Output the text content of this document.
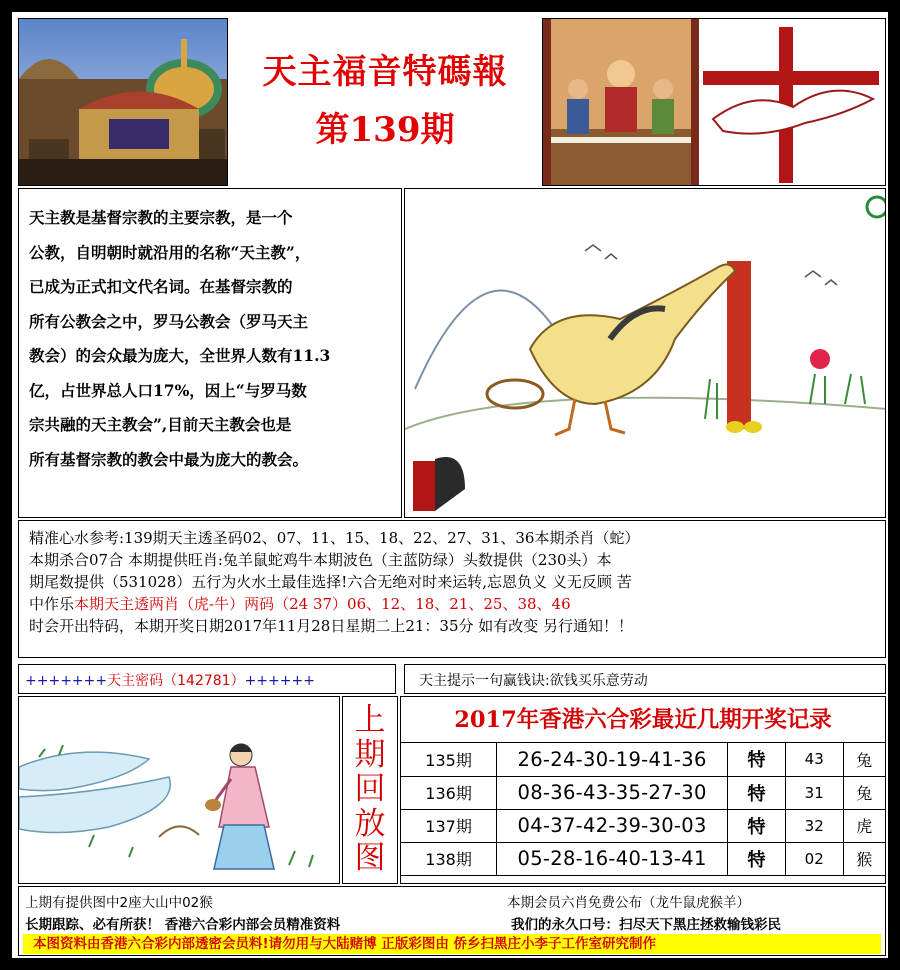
天主福音特碼報
第139期
天主教是基督宗教的主要宗教，是一个
公教，自明朝时就沿用的名称“天主教”，
已成为正式扣文代名词。在基督宗教的
所有公教会之中，罗马公教会（罗马天主
教会）的会众最为庞大，全世界人数有11.3
亿，占世界总人口17%，因上“与罗马数
宗共融的天主教会”,目前天主教会也是
所有基督宗教的教会中最为庞大的教会。
精准心水参考:139期天主透圣码02、07、11、15、18、22、27、31、36本期杀肖（蛇）
本期杀合07合 本期提供旺肖:兔羊鼠蛇鸡牛本期波色（主蓝防绿）头数提供（230头）本
期尾数提供（531028）五行为火水土最佳选择!六合无绝对时来运转,忘恩负义 义无反顾 苦
中作乐本期天主透两肖（虎-牛）两码（24 37）06、12、18、21、25、38、46
时会开出特码，本期开奖日期2017年11月28日星期二上21：35分 如有改变 另行通知！！
+++++++天主密码（142781）++++++	天主提示一句赢钱诀:欲钱买乐意劳动
上
期
回
放
图
2017年香港六合彩最近几期开奖记录
135期	26-24-30-19-41-36	特	43	兔
136期	08-36-43-35-27-30	特	31	兔
137期	04-37-42-39-30-03	特	32	虎
138期	05-28-16-40-13-41	特	02	猴
上期有提供图中2座大山中02猴	本期会员六肖免费公布（龙牛鼠虎猴羊）
长期跟踪、必有所获！ 香港六合彩内部会员精准资料	我们的永久口号：扫尽天下黑庄拯救输钱彩民
本图资料由香港六合彩内部透密会员料!请勿用与大陆赌博 正版彩图由 侨乡扫黑庄小李子工作室研究制作
